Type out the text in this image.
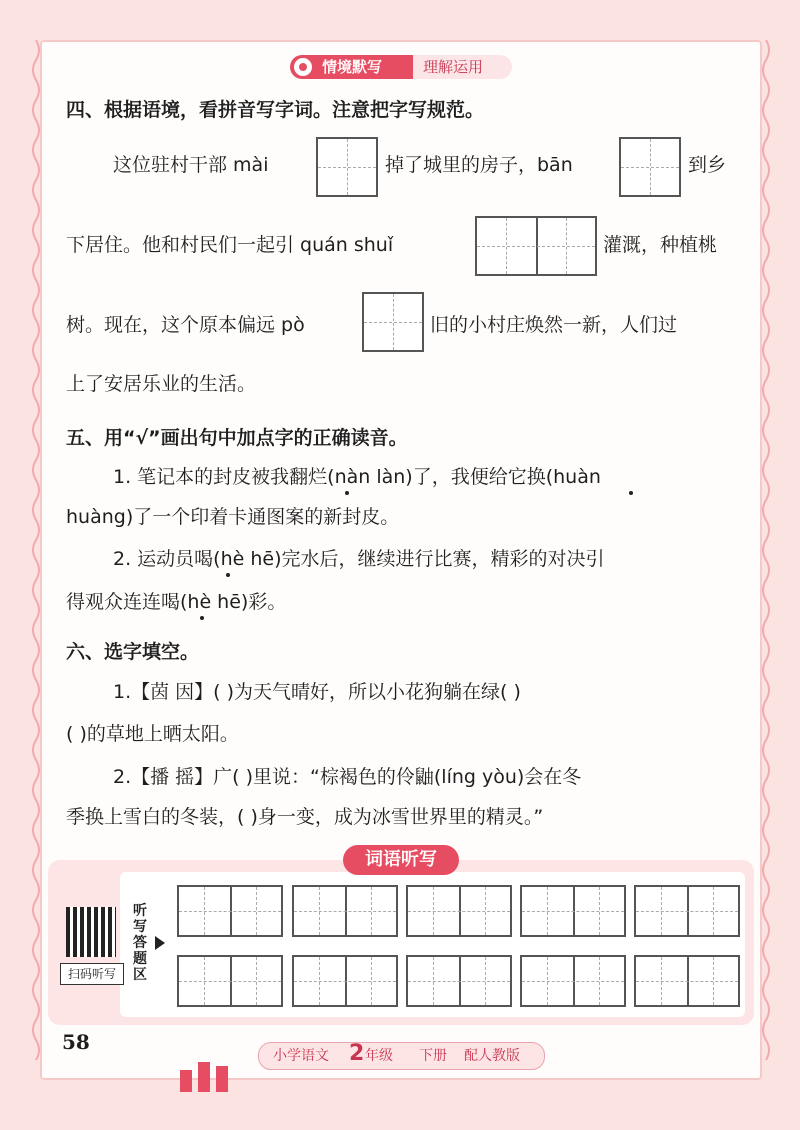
情境默写	理解运用
四、根据语境，看拼音写字词。注意把字写规范。
这位驻村干部 mài	掉了城里的房子，bān	到乡
下居住。他和村民们一起引 quán shuǐ	灌溉，种植桃
树。现在，这个原本偏远 pò	旧的小村庄焕然一新，人们过
上了安居乐业的生活。
五、用“√”画出句中加点字的正确读音。
1. 笔记本的封皮被我翻烂(nàn làn)了，我便给它换(huàn
huàng)了一个印着卡通图案的新封皮。
2. 运动员喝(hè hē)完水后，继续进行比赛，精彩的对决引
得观众连连喝(hè hē)彩。
六、选字填空。
1.【茵 因】( )为天气晴好，所以小花狗躺在绿( )
( )的草地上晒太阳。
2.【播 摇】广( )里说：“棕褐色的伶鼬(líng yòu)会在冬
季换上雪白的冬装，( )身一变，成为冰雪世界里的精灵。”
词语听写
扫码听写
听写答题区
58
小学语文 2 年级 下册 配人教版
